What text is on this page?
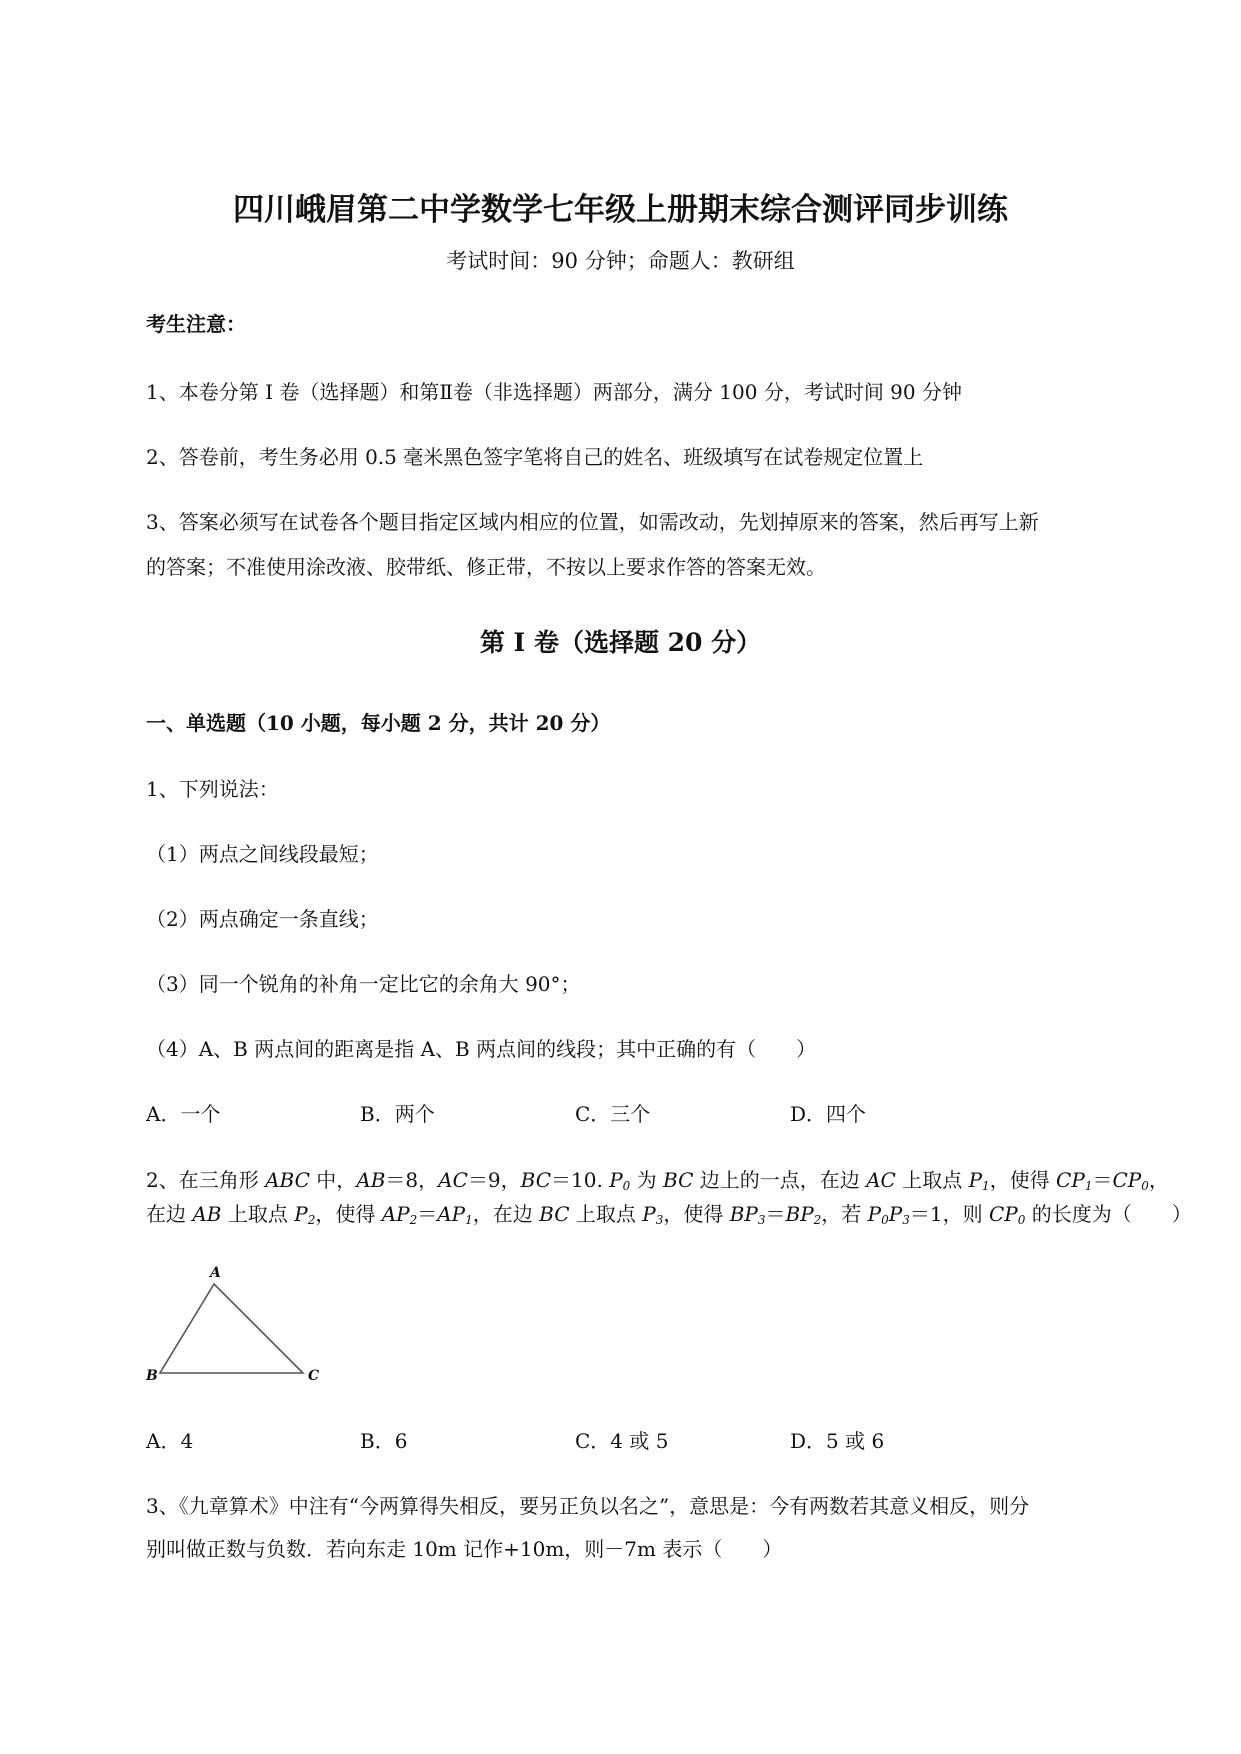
四川峨眉第二中学数学七年级上册期末综合测评同步训练
考试时间：90 分钟；命题人：教研组
考生注意：
1、本卷分第 I 卷（选择题）和第Ⅱ卷（非选择题）两部分，满分 100 分，考试时间 90 分钟
2、答卷前，考生务必用 0.5 毫米黑色签字笔将自己的姓名、班级填写在试卷规定位置上
3、答案必须写在试卷各个题目指定区域内相应的位置，如需改动，先划掉原来的答案，然后再写上新
的答案；不准使用涂改液、胶带纸、修正带，不按以上要求作答的答案无效。
第 I 卷（选择题 20 分）
一、单选题（10 小题，每小题 2 分，共计 20 分）
1、下列说法：
（1）两点之间线段最短；
（2）两点确定一条直线；
（3）同一个锐角的补角一定比它的余角大 90°；
（4）A、B 两点间的距离是指 A、B 两点间的线段；其中正确的有（　　）
A．一个	B．两个	C．三个	D．四个
2、在三角形 ABC 中，AB＝8，AC＝9，BC＝10. $P_0$ 为 BC 边上的一点，在边 AC 上取点 $P_1$，使得 $CP_1=CP_0$，
在边 AB 上取点 $P_2$，使得 $AP_2=AP_1$，在边 BC 上取点 $P_3$，使得 $BP_3=BP_2$，若 $P_0P_3=1$，则 $CP_0$ 的长度为（　　）
A
B	C
A．4	B．6	C．4 或 5	D．5 或 6
3、《九章算术》中注有“今两算得失相反，要另正负以名之”，意思是：今有两数若其意义相反，则分
别叫做正数与负数．若向东走 10m 记作+10m，则－7m 表示（　　）
